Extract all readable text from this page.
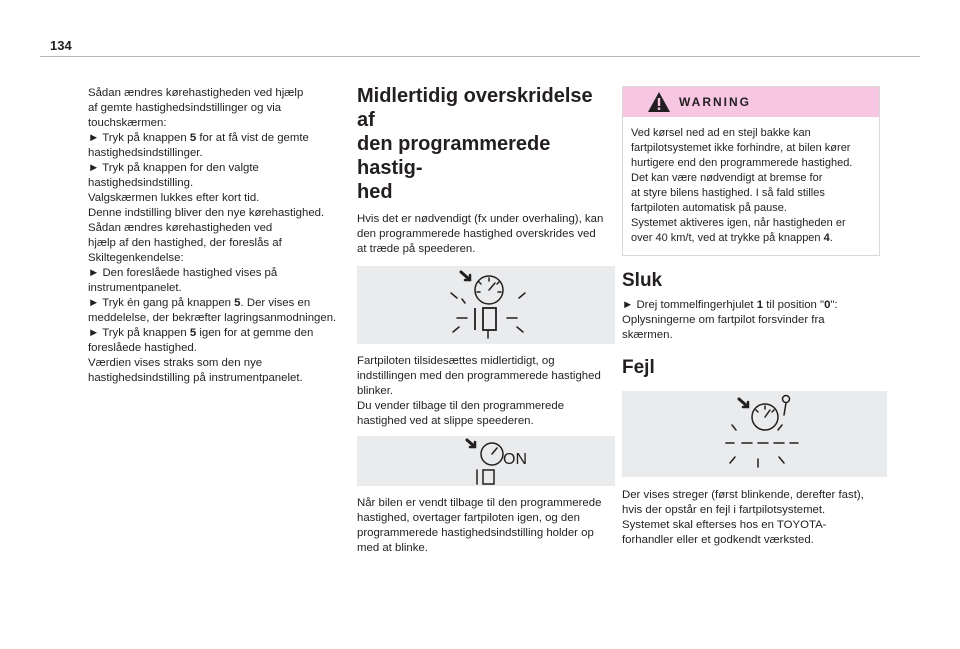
134

Sådan ændres kørehastigheden ved hjælp

af gemte hastighedsindstillinger og via

touchskærmen:

► Tryk på knappen 5 for at få vist de gemte

hastighedsindstillinger.

► Tryk på knappen for den valgte

hastighedsindstilling.

Valgskærmen lukkes efter kort tid.

Denne indstilling bliver den nye kørehastighed.

Sådan ændres kørehastigheden ved

hjælp af den hastighed, der foreslås af

Skiltegenkendelse:

► Den foreslåede hastighed vises på

instrumentpanelet.

► Tryk én gang på knappen 5. Der vises en

meddelelse, der bekræfter lagringsanmodningen.

► Tryk på knappen 5 igen for at gemme den

foreslåede hastighed.

Værdien vises straks som den nye

hastighedsindstilling på instrumentpanelet.

Midlertidig overskridelse af
den programmerede hastig-
hed

Hvis det er nødvendigt (fx under overhaling), kan

den programmerede hastighed overskrides ved

at træde på speederen.

Fartpiloten tilsidesættes midlertidigt, og

indstillingen med den programmerede hastighed

blinker.

Du vender tilbage til den programmerede

hastighed ved at slippe speederen.

ON

Når bilen er vendt tilbage til den programmerede

hastighed, overtager fartpiloten igen, og den

programmerede hastighedsindstilling holder op

med at blinke.

WARNING
Ved kørsel ned ad en stejl bakke kan
fartpilotsystemet ikke forhindre, at bilen kører
hurtigere end den programmerede hastighed.
Det kan være nødvendigt at bremse for
at styre bilens hastighed. I så fald stilles
fartpiloten automatisk på pause.
Systemet aktiveres igen, når hastigheden er
over 40 km/t, ved at trykke på knappen 4.
Sluk

► Drej tommelfingerhjulet 1 til position "0":

Oplysningerne om fartpilot forsvinder fra

skærmen.

Fejl

Der vises streger (først blinkende, derefter fast),

hvis der opstår en fejl i fartpilotsystemet.

Systemet skal efterses hos en TOYOTA-

forhandler eller et godkendt værksted.
